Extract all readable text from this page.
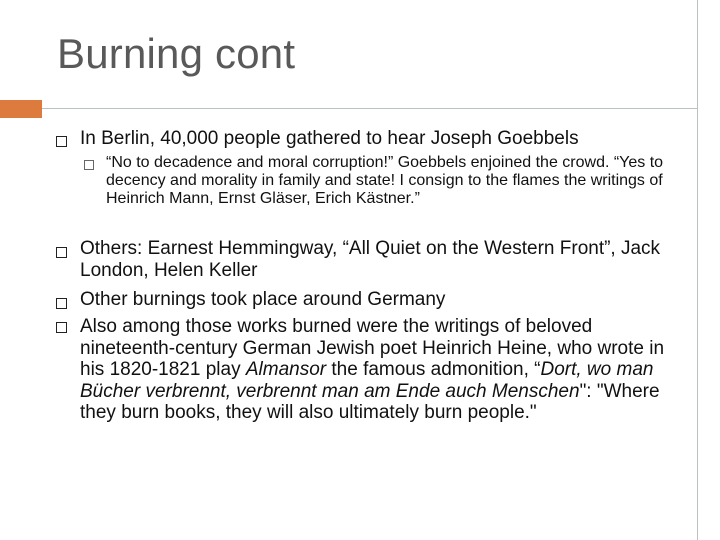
Burning cont
In Berlin, 40,000 people gathered to hear Joseph Goebbels
“No to decadence and moral corruption!” Goebbels enjoined the crowd. “Yes to decency and morality in family and state! I consign to the flames the writings of Heinrich Mann, Ernst Gläser, Erich Kästner.”
Others: Earnest Hemmingway, “All Quiet on the Western Front”, Jack London, Helen Keller
Other burnings took place around Germany
Also among those works burned were the writings of beloved nineteenth-century German Jewish poet Heinrich Heine, who wrote in his 1820-1821 play Almansor the famous admonition, “Dort, wo man Bücher verbrennt, verbrennt man am Ende auch Menschen": "Where they burn books, they will also ultimately burn people."
